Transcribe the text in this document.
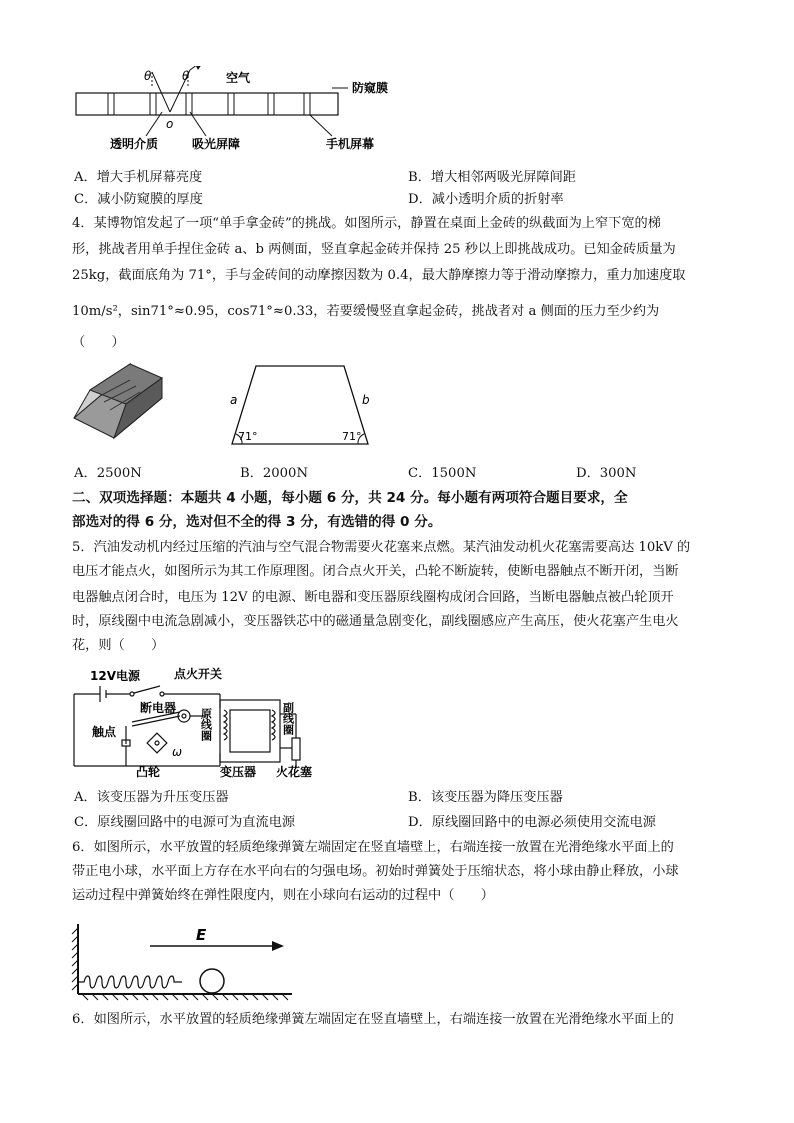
θ	θ	空气
防窥膜
o
透明介质	吸光屏障	手机屏幕
A．增大手机屏幕亮度	B．增大相邻两吸光屏障间距
C．减小防窥膜的厚度	D．减小透明介质的折射率
4．某博物馆发起了一项“单手拿金砖”的挑战。如图所示，静置在桌面上金砖的纵截面为上窄下宽的梯
形，挑战者用单手捏住金砖 a、b 两侧面，竖直拿起金砖并保持 25 秒以上即挑战成功。已知金砖质量为
25kg，截面底角为 71°，手与金砖间的动摩擦因数为 0.4，最大静摩擦力等于滑动摩擦力，重力加速度取
10m/s²，sin71°≈0.95，cos71°≈0.33，若要缓慢竖直拿起金砖，挑战者对 a 侧面的压力至少约为
（　　）
a	b
71°	71°
A．2500N	B．2000N	C．1500N	D．300N
二、双项选择题：本题共 4 小题，每小题 6 分，共 24 分。每小题有两项符合题目要求，全
部选对的得 6 分，选对但不全的得 3 分，有选错的得 0 分。
5．汽油发动机内经过压缩的汽油与空气混合物需要火花塞来点燃。某汽油发动机火花塞需要高达 10kV 的
电压才能点火，如图所示为其工作原理图。闭合点火开关，凸轮不断旋转，使断电器触点不断开闭，当断
电器触点闭合时，电压为 12V 的电源、断电器和变压器原线圈构成闭合回路，当断电器触点被凸轮顶开
时，原线圈中电流急剧减小，变压器铁芯中的磁通量急剧变化，副线圈感应产生高压，使火花塞产生电火
花，则（　　）
12V电源	点火开关
断电器
触点
凸轮
ω
原线圈	副线圈
变压器 火花塞
A．该变压器为升压变压器	B．该变压器为降压变压器
C．原线圈回路中的电源可为直流电源	D．原线圈回路中的电源必须使用交流电源
6．如图所示，水平放置的轻质绝缘弹簧左端固定在竖直墙壁上，右端连接一放置在光滑绝缘水平面上的
带正电小球，水平面上方存在水平向右的匀强电场。初始时弹簧处于压缩状态，将小球由静止释放，小球
运动过程中弹簧始终在弹性限度内，则在小球向右运动的过程中（　　）
E
6．如图所示，水平放置的轻质绝缘弹簧左端固定在竖直墙壁上，右端连接一放置在光滑绝缘水平面上的
